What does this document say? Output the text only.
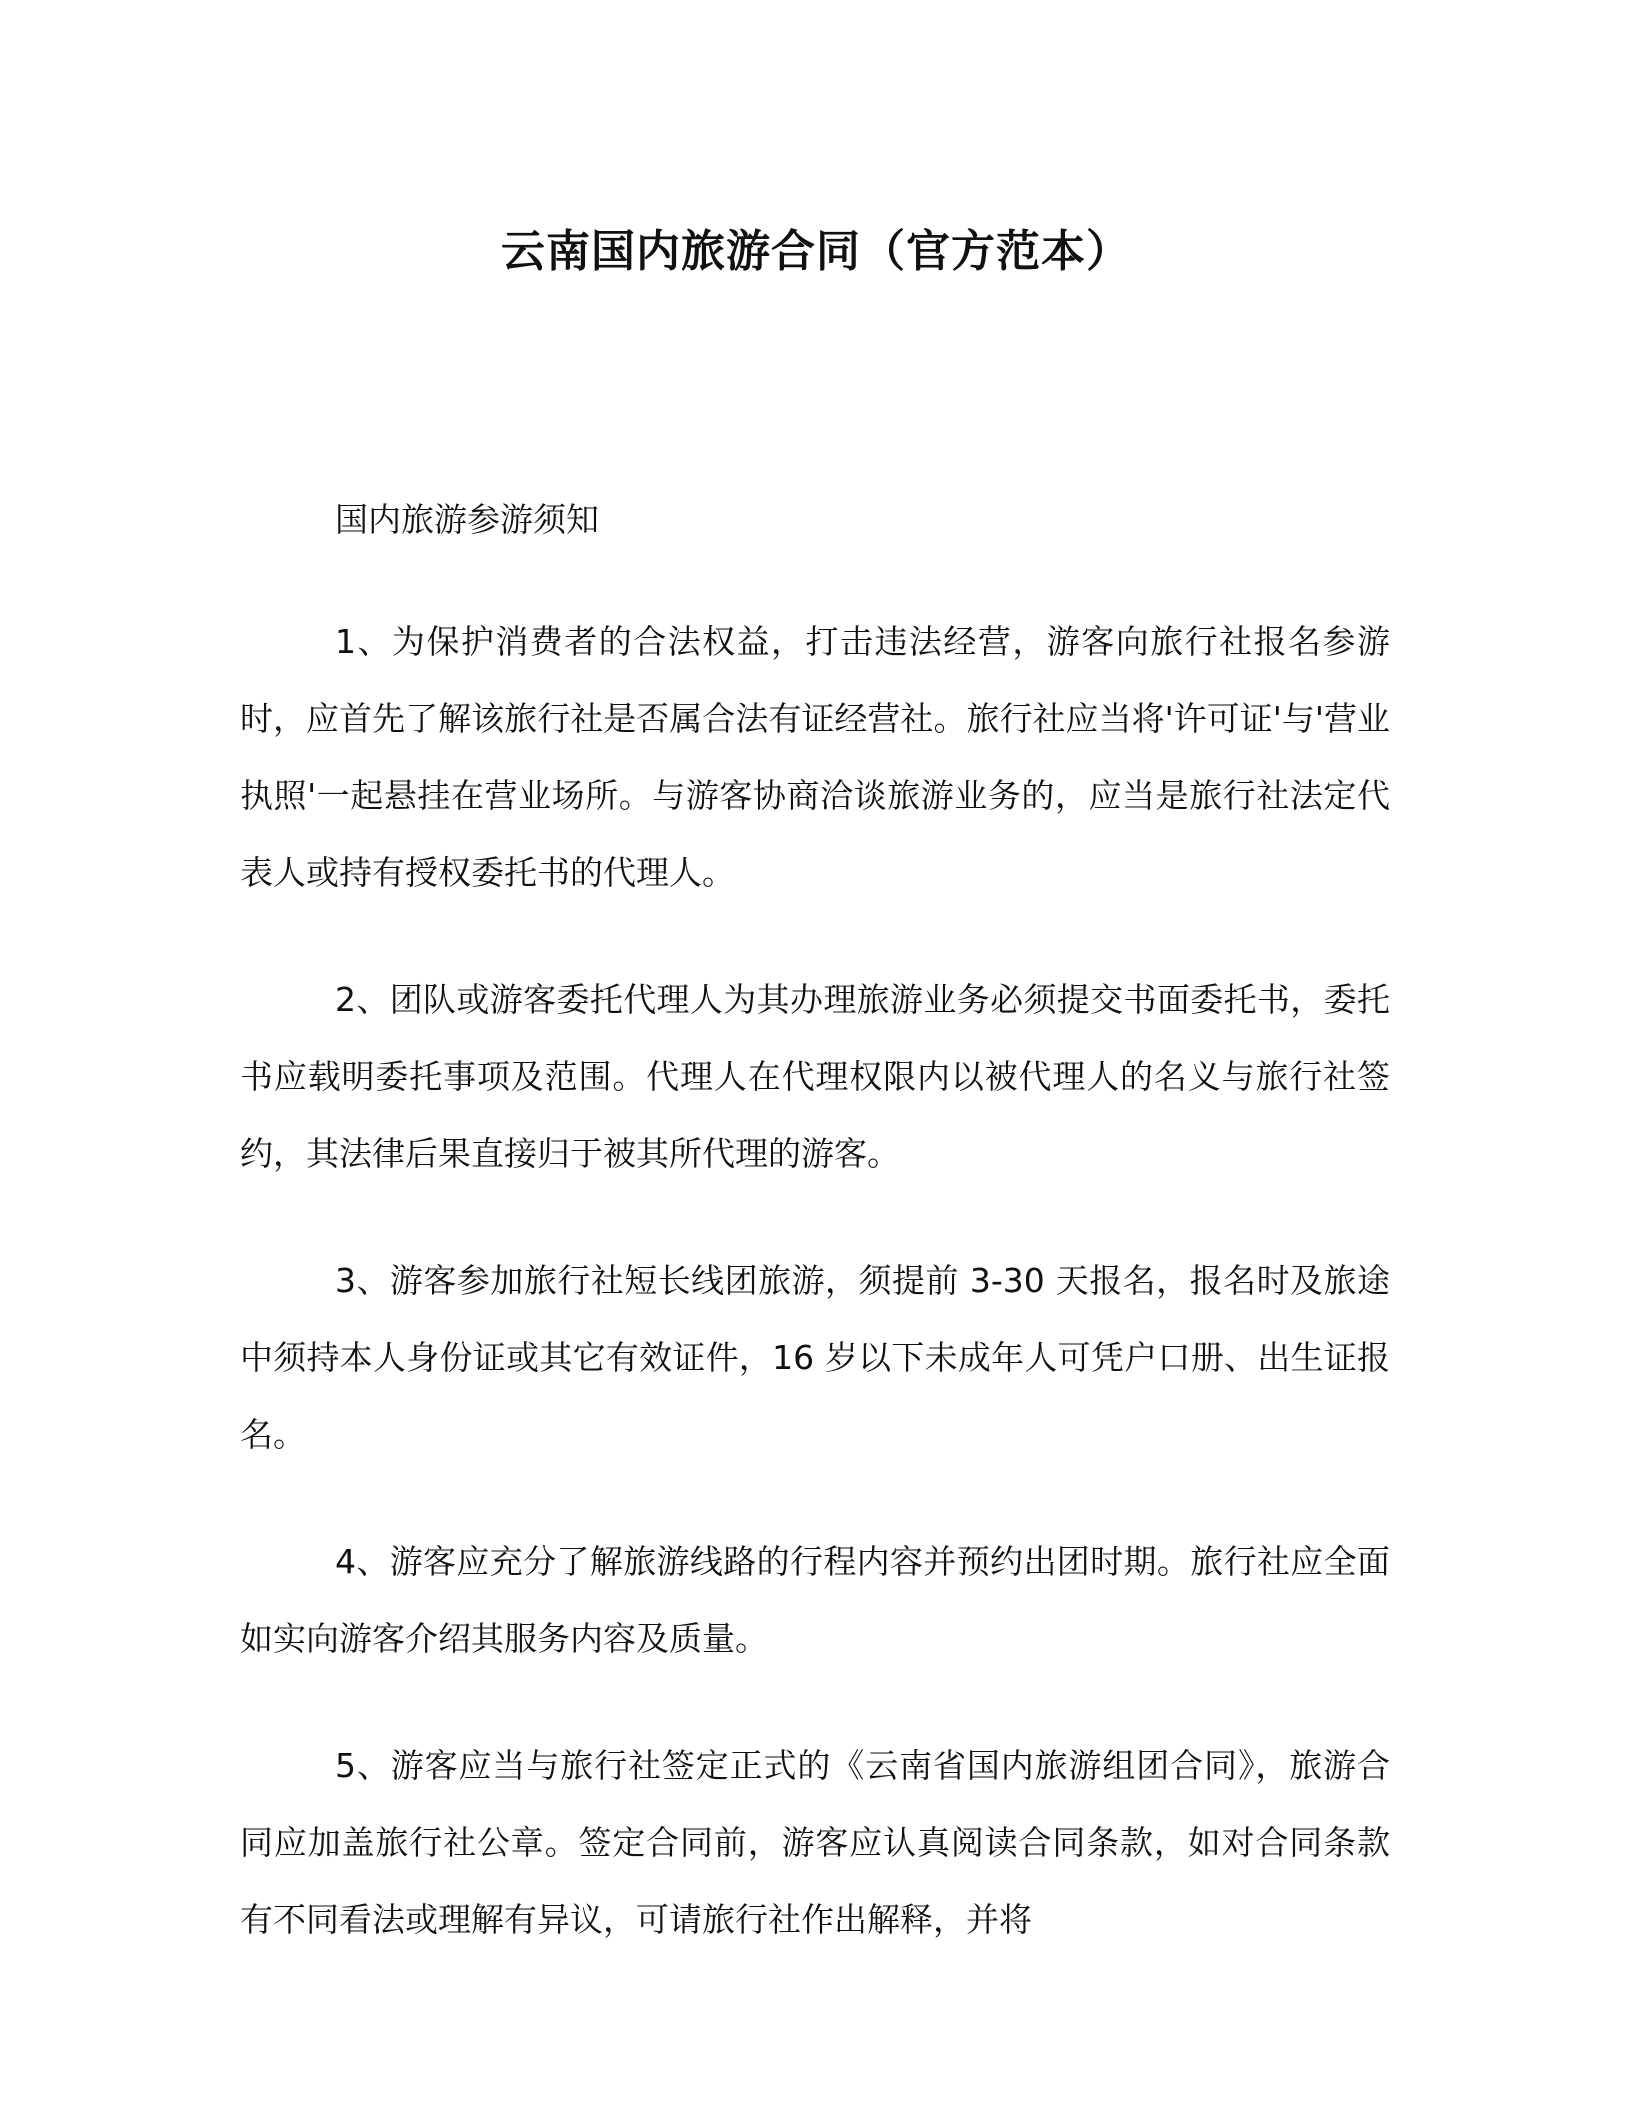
云南国内旅游合同（官方范本）
国内旅游参游须知

1、为保护消费者的合法权益，打击违法经营，游客向旅行社报名参游时，应首先了解该旅行社是否属合法有证经营社。旅行社应当将'许可证'与'营业执照'一起悬挂在营业场所。与游客协商洽谈旅游业务的，应当是旅行社法定代表人或持有授权委托书的代理人。

2、团队或游客委托代理人为其办理旅游业务必须提交书面委托书，委托书应载明委托事项及范围。代理人在代理权限内以被代理人的名义与旅行社签约，其法律后果直接归于被其所代理的游客。

3、游客参加旅行社短长线团旅游，须提前 3-30 天报名，报名时及旅途中须持本人身份证或其它有效证件，16 岁以下未成年人可凭户口册、出生证报名。

4、游客应充分了解旅游线路的行程内容并预约出团时期。旅行社应全面如实向游客介绍其服务内容及质量。

5、游客应当与旅行社签定正式的《云南省国内旅游组团合同》，旅游合同应加盖旅行社公章。签定合同前，游客应认真阅读合同条款，如对合同条款有不同看法或理解有异议，可请旅行社作出解释，并将
